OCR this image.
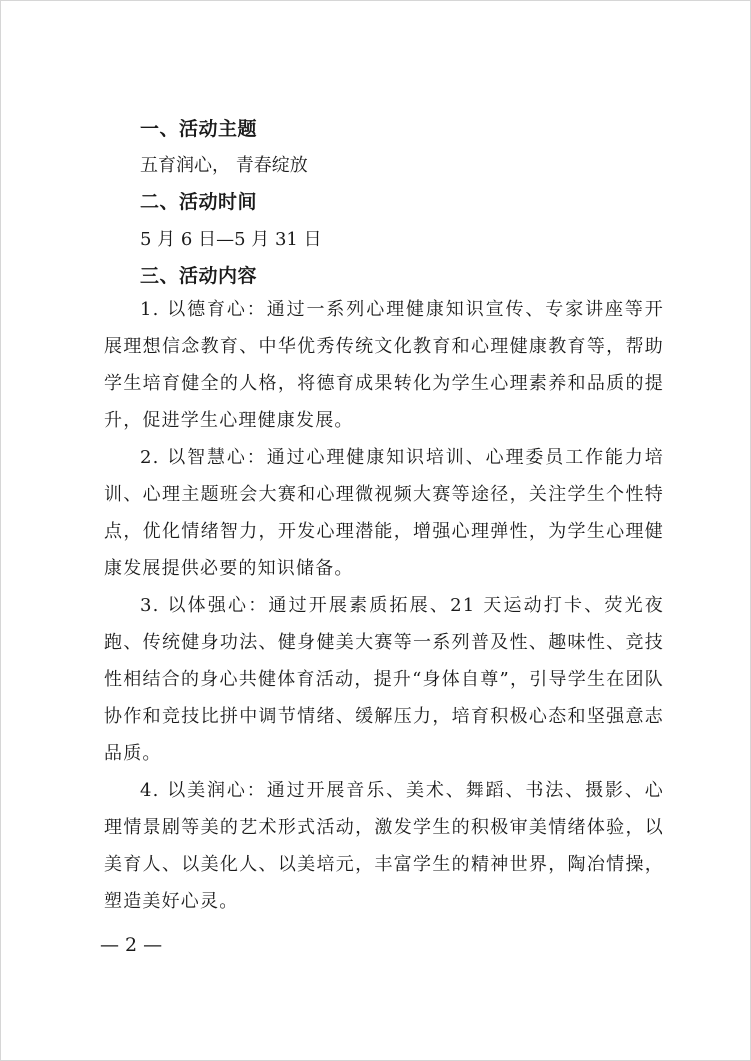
一、活动主题
五育润心， 青春绽放
二、活动时间
5 月 6 日—5 月 31 日
三、活动内容
1. 以德育心：通过一系列心理健康知识宣传、专家讲座等开展理想信念教育、中华优秀传统文化教育和心理健康教育等，帮助学生培育健全的人格，将德育成果转化为学生心理素养和品质的提升，促进学生心理健康发展。
2. 以智慧心：通过心理健康知识培训、心理委员工作能力培训、心理主题班会大赛和心理微视频大赛等途径，关注学生个性特点，优化情绪智力，开发心理潜能，增强心理弹性，为学生心理健康发展提供必要的知识储备。
3. 以体强心：通过开展素质拓展、21 天运动打卡、荧光夜跑、传统健身功法、健身健美大赛等一系列普及性、趣味性、竞技性相结合的身心共健体育活动，提升“身体自尊”，引导学生在团队协作和竞技比拼中调节情绪、缓解压力，培育积极心态和坚强意志品质。
4. 以美润心：通过开展音乐、美术、舞蹈、书法、摄影、心理情景剧等美的艺术形式活动，激发学生的积极审美情绪体验，以美育人、以美化人、以美培元，丰富学生的精神世界，陶冶情操，塑造美好心灵。
— 2 —
